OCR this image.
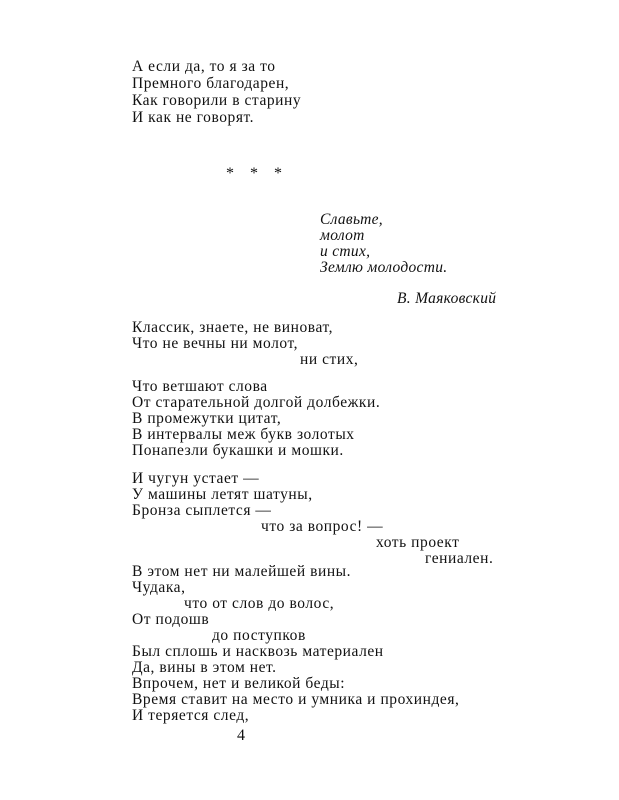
А если да, то я за то
Премного благодарен,
Как говорили в старину
И как не говорят.
* * *
Славьте,
молот
и стих,
Землю молодости.
В. Маяковский
Классик, знаете, не виноват,
Что не вечны ни молот,
ни стих,
Что ветшают слова
От старательной долгой долбежки.
В промежутки цитат,
В интервалы меж букв золотых
Понапезли букашки и мошки.
И чугун устает —
У машины летят шатуны,
Бронза сыплется —
что за вопрос! —
хоть проект
гениален.
В этом нет ни малейшей вины.
Чудака,
что от слов до волос,
От подошв
до поступков
Был сплошь и насквозь материален
Да, вины в этом нет.
Впрочем, нет и великой беды:
Время ставит на место и умника и прохиндея,
И теряется след,
4
